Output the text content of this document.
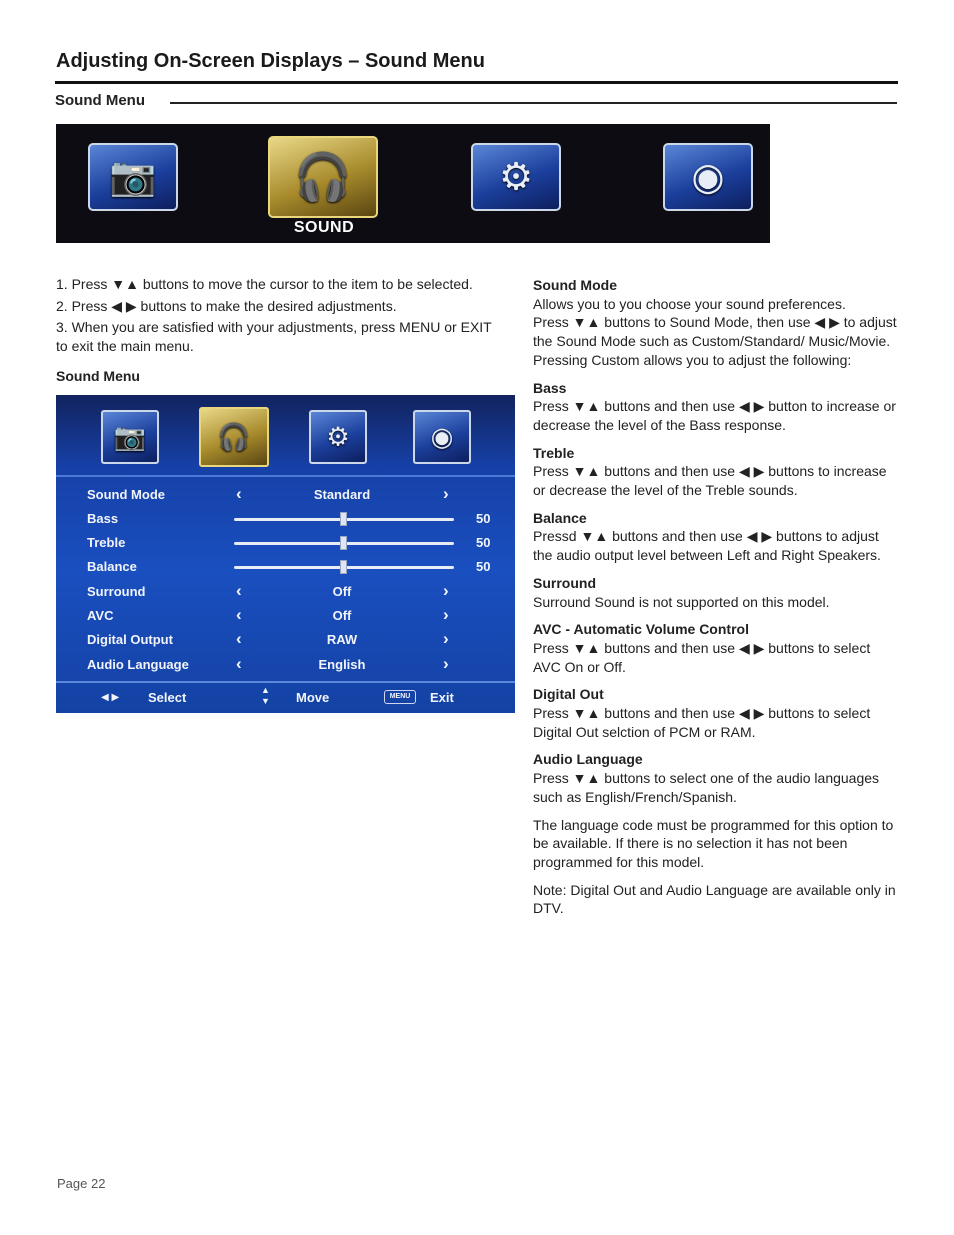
Adjusting On-Screen Displays – Sound Menu
Sound Menu
📷	🎧	⚙	◉
SOUND

1. Press ▼▲ buttons to move the cursor to the item to be selected.

2. Press ◀ ▶ buttons to make the desired adjustments.

3. When you are satisfied with your adjustments, press MENU or EXIT to exit the main menu.

Sound Menu
📷	🎧	⚙	◉
Sound Mode	‹	Standard	›
Bass	50
Treble	50
Balance	50
Surround	‹	Off	›
AVC	‹	Off	›
Digital Output	‹	RAW	›
Audio Language	‹	English	›
◀ ▶ Select	▲▼ Move	MENU	Exit

Sound Mode

Allows you to you choose your sound preferences.

Press ▼▲ buttons to Sound Mode, then use ◀ ▶ to adjust the Sound Mode such as Custom/Standard/ Music/Movie. Pressing Custom allows you to adjust the following:

Bass

Press ▼▲ buttons and then use ◀ ▶ button to increase or decrease the level of the Bass response.

Treble

Press ▼▲ buttons and then use ◀ ▶ buttons to increase or decrease the level of the Treble sounds.

Balance

Pressd ▼▲ buttons and then use ◀ ▶ buttons to adjust the audio output level between Left and Right Speakers.

Surround

Surround Sound is not supported on this model.

AVC - Automatic Volume Control

Press ▼▲ buttons and then use ◀ ▶ buttons to select AVC On or Off.

Digital Out

Press ▼▲ buttons and then use ◀ ▶ buttons to select Digital Out selction of PCM or RAM.

Audio Language

Press ▼▲ buttons to select one of the audio languages such as English/French/Spanish.

The language code must be programmed for this option to be available. If there is no selection it has not been programmed for this model.

Note: Digital Out and Audio Language are available only in DTV.

Page 22
